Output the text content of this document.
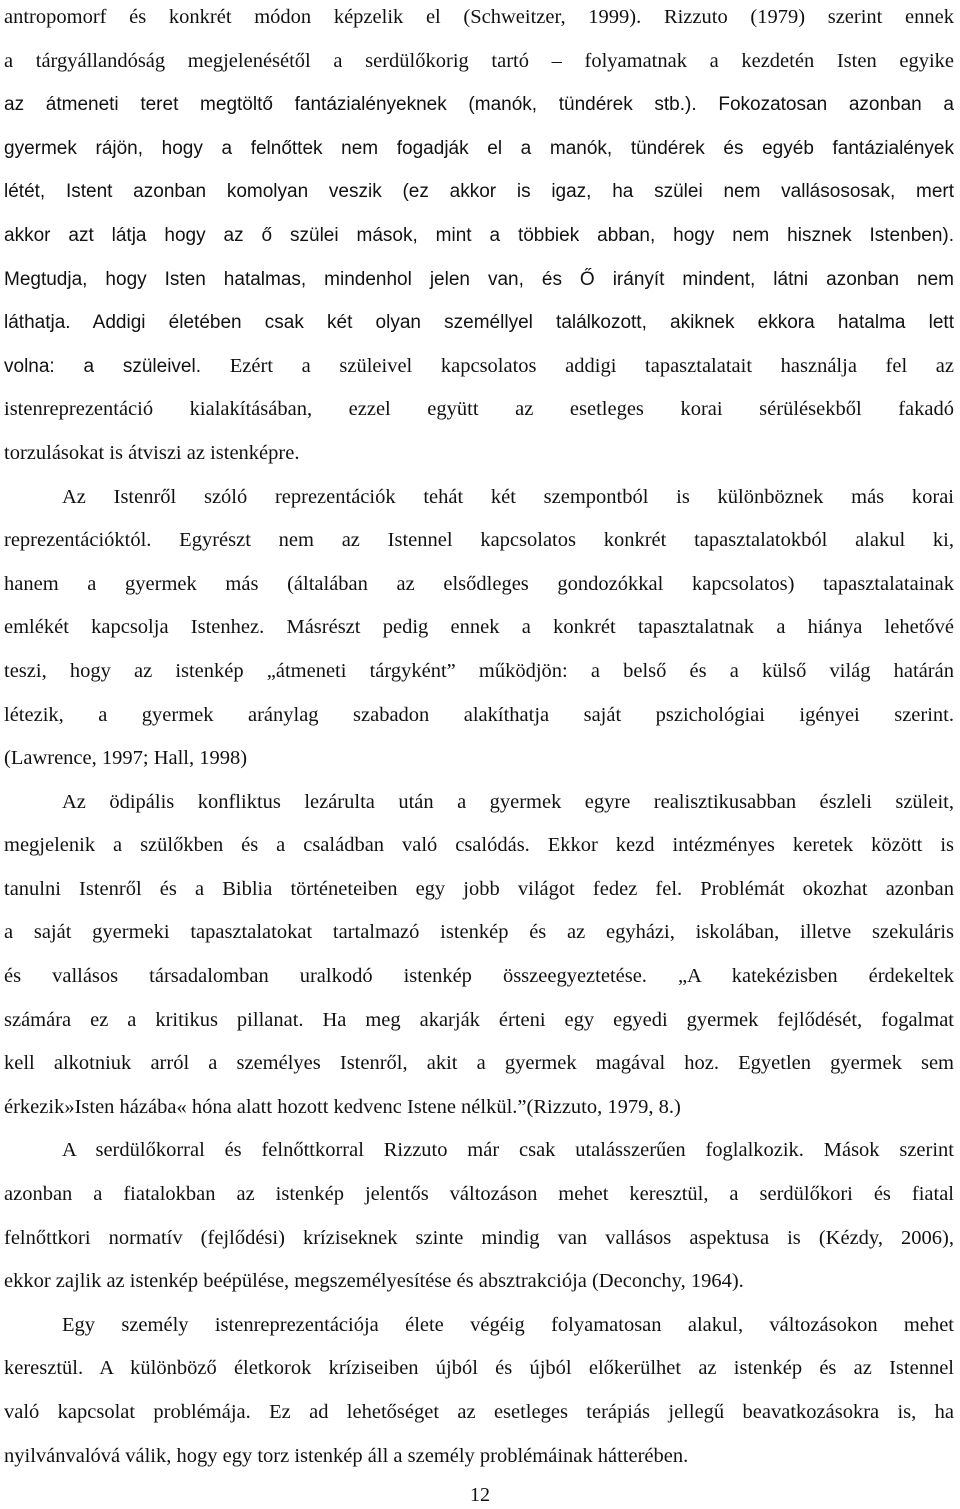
antropomorf és konkrét módon képzelik el (Schweitzer, 1999). Rizzuto (1979) szerint ennek
a tárgyállandóság megjelenésétől a serdülőkorig tartó – folyamatnak a kezdetén Isten egyike
az átmeneti teret megtöltő fantázialényeknek (manók, tündérek stb.). Fokozatosan azonban a
gyermek rájön, hogy a felnőttek nem fogadják el a manók, tündérek és egyéb fantázialények
létét, Istent azonban komolyan veszik (ez akkor is igaz, ha szülei nem vallásososak, mert
akkor azt látja hogy az ő szülei mások, mint a többiek abban, hogy nem hisznek Istenben).
Megtudja, hogy Isten hatalmas, mindenhol jelen van, és Ő irányít mindent, látni azonban nem
láthatja. Addigi életében csak két olyan személlyel találkozott, akiknek ekkora hatalma lett
volna: a szüleivel. Ezért a szüleivel kapcsolatos addigi tapasztalatait használja fel az
istenreprezentáció kialakításában, ezzel együtt az esetleges korai sérülésekből fakadó
torzulásokat is átviszi az istenképre.
Az Istenről szóló reprezentációk tehát két szempontból is különböznek más korai
reprezentációktól. Egyrészt nem az Istennel kapcsolatos konkrét tapasztalatokból alakul ki,
hanem a gyermek más (általában az elsődleges gondozókkal kapcsolatos) tapasztalatainak
emlékét kapcsolja Istenhez. Másrészt pedig ennek a konkrét tapasztalatnak a hiánya lehetővé
teszi, hogy az istenkép „átmeneti tárgyként” működjön: a belső és a külső világ határán
létezik, a gyermek aránylag szabadon alakíthatja saját pszichológiai igényei szerint.
(Lawrence, 1997; Hall, 1998)
Az ödipális konfliktus lezárulta után a gyermek egyre realisztikusabban észleli szüleit,
megjelenik a szülőkben és a családban való csalódás. Ekkor kezd intézményes keretek között is
tanulni Istenről és a Biblia történeteiben egy jobb világot fedez fel. Problémát okozhat azonban
a saját gyermeki tapasztalatokat tartalmazó istenkép és az egyházi, iskolában, illetve szekuláris
és vallásos társadalomban uralkodó istenkép összeegyeztetése. „A katekézisben érdekeltek
számára ez a kritikus pillanat. Ha meg akarják érteni egy egyedi gyermek fejlődését, fogalmat
kell alkotniuk arról a személyes Istenről, akit a gyermek magával hoz. Egyetlen gyermek sem
érkezik»Isten házába« hóna alatt hozott kedvenc Istene nélkül.”(Rizzuto, 1979, 8.)
A serdülőkorral és felnőttkorral Rizzuto már csak utalásszerűen foglalkozik. Mások szerint
azonban a fiatalokban az istenkép jelentős változáson mehet keresztül, a serdülőkori és fiatal
felnőttkori normatív (fejlődési) kríziseknek szinte mindig van vallásos aspektusa is (Kézdy, 2006),
ekkor zajlik az istenkép beépülése, megszemélyesítése és absztrakciója (Deconchy, 1964).
Egy személy istenreprezentációja élete végéig folyamatosan alakul, változásokon mehet
keresztül. A különböző életkorok kríziseiben újból és újból előkerülhet az istenkép és az Istennel
való kapcsolat problémája. Ez ad lehetőséget az esetleges terápiás jellegű beavatkozásokra is, ha
nyilvánvalóvá válik, hogy egy torz istenkép áll a személy problémáinak hátterében.
12
